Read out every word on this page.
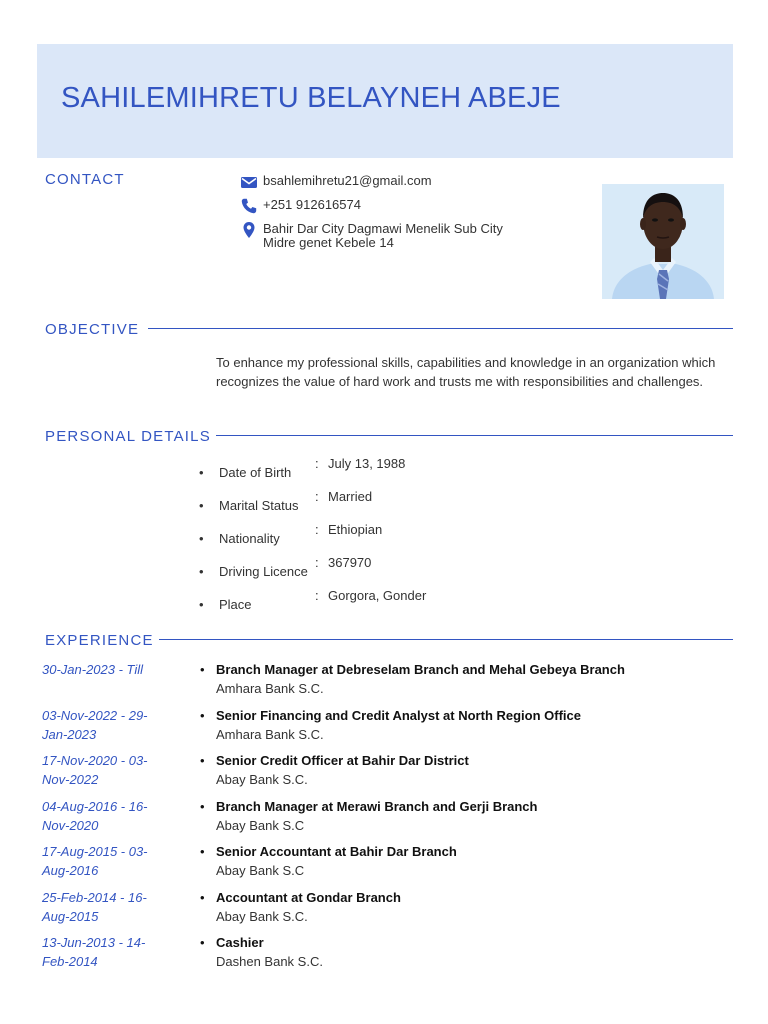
SAHILEMIHRETU BELAYNEH ABEJE
CONTACT	bsahlemihretu21@gmail.com
+251 912616574
Bahir Dar City Dagmawi Menelik Sub City
Midre genet Kebele 14
OBJECTIVE

To enhance my professional skills, capabilities and knowledge in an organization which recognizes the value of hard work and trusts me with responsibilities and challenges.

PERSONAL DETAILS
• Date of Birth
: July 13, 1988
• Marital Status
: Married
• Nationality
: Ethiopian
• Driving Licence
: 367970
• Place
: Gorgora, Gonder
EXPERIENCE
30-Jan-2023 - Till	• Branch Manager at Debreselam Branch and Mehal Gebeya Branch
Amhara Bank S.C.
03-Nov-2022 - 29-Jan-2023
• Senior Financing and Credit Analyst at North Region Office
Amhara Bank S.C.
17-Nov-2020 - 03-Nov-2022
• Senior Credit Officer at Bahir Dar District
Abay Bank S.C.
04-Aug-2016 - 16-Nov-2020
• Branch Manager at Merawi Branch and Gerji Branch
Abay Bank S.C
17-Aug-2015 - 03-Aug-2016
• Senior Accountant at Bahir Dar Branch
Abay Bank S.C
25-Feb-2014 - 16-Aug-2015
• Accountant at Gondar Branch
Abay Bank S.C.
13-Jun-2013 - 14-Feb-2014
• Cashier
Dashen Bank S.C.
